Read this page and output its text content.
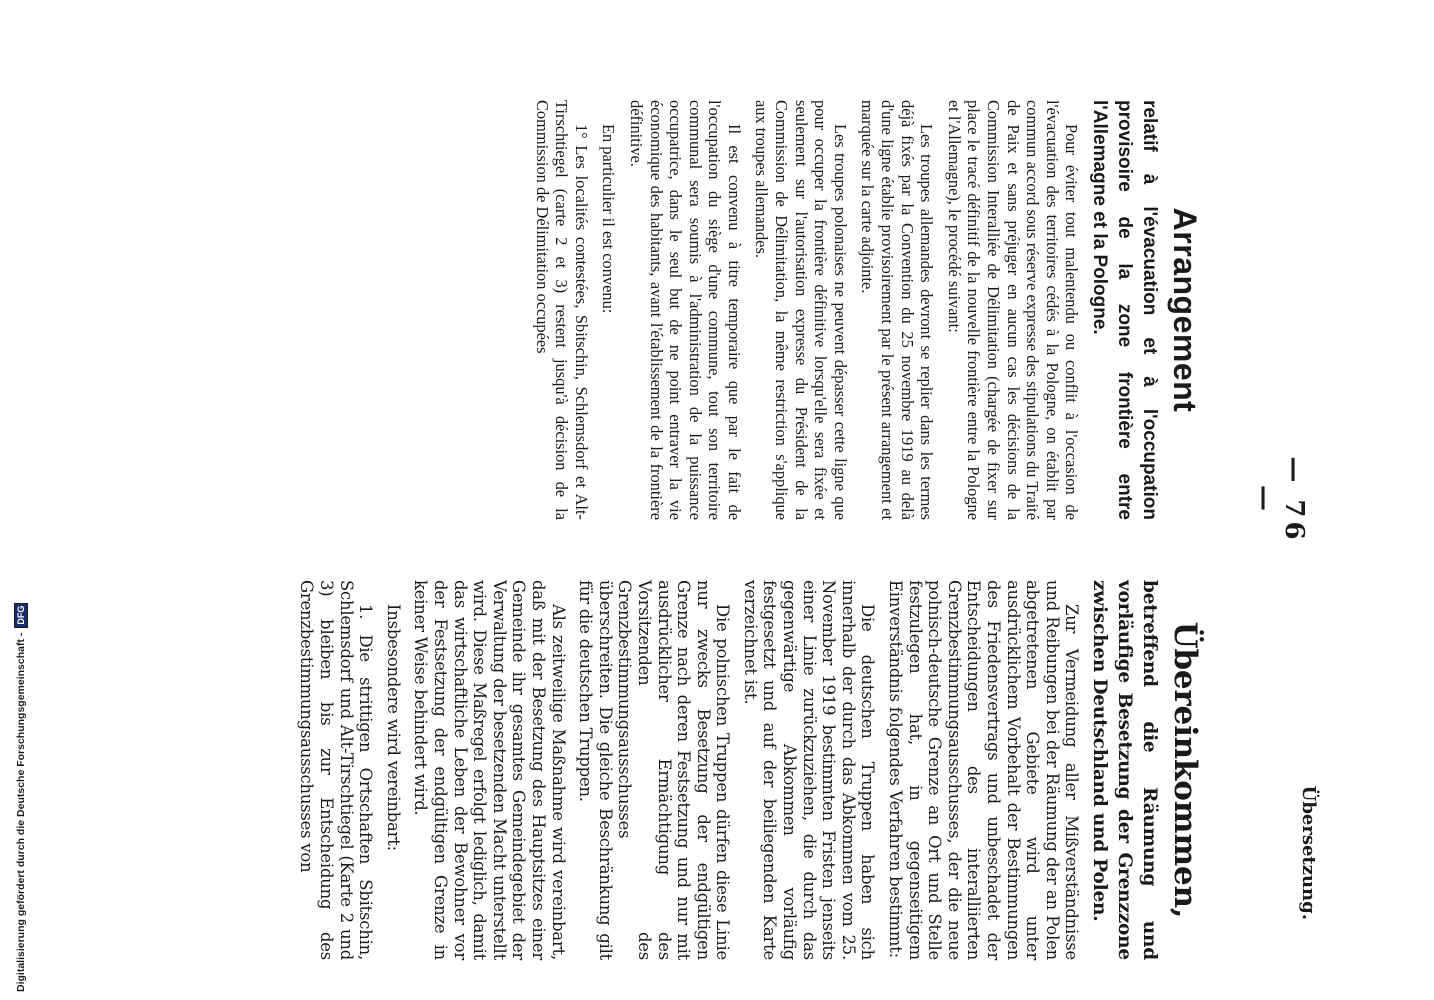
— 76 —
Übersetzung.
Arrangement
relatif à l'évacuation et à l'occupation provisoire de la zone frontière entre l'Allemagne et la Pologne.

Pour éviter tout malentendu ou conflit à l'occasion de l'évacuation des territoires cédés à la Pologne, on établit par commun accord sous réserve expresse des stipulations du Traité de Paix et sans préjuger en aucun cas les décisions de la Commission Interalliée de Délimitation (chargée de fixer sur place le tracé définitif de la nouvelle frontière entre la Pologne et l'Allemagne), le procédé suivant:

Les troupes allemandes devront se replier dans les termes déjà fixés par la Convention du 25 novembre 1919 au delà d'une ligne établie provisoirement par le présent arrangement et marquée sur la carte adjointe.

Les troupes polonaises ne peuvent dépasser cette ligne que pour occuper la frontière définitive lorsqu'elle sera fixée et seulement sur l'autorisation expresse du Président de la Commission de Délimitation, la même restriction s'applique aux troupes allemandes.

Il est convenu à titre temporaire que par le fait de l'occupation du siège d'une commune, tout son territoire communal sera soumis à l'administration de la puissance occupatrice, dans le seul but de ne point entraver la vie économique des habitants, avant l'établissement de la frontière définitive.

En particulier il est convenu:

1° Les localités contestées, Sbitschin, Schlemsdorf et Alt-Tirschtiegel (carte 2 et 3) restent jusqu'à décision de la Commission de Délimitation occupées

Übereinkommen,
betreffend die Räumung und vorläufige Besetzung der Grenzzone zwischen Deutschland und Polen.

Zur Vermeidung aller Mißverständnisse und Reibungen bei der Räumung der an Polen abgetretenen Gebiete wird unter ausdrücklichem Vorbehalt der Bestimmungen des Friedensvertrags und unbeschadet der Entscheidungen des interalliierten Grenzbestimmungsausschusses, der die neue polnisch-deutsche Grenze an Ort und Stelle festzulegen hat, in gegenseitigem Einverständnis folgendes Verfahren bestimmt:

Die deutschen Truppen haben sich innerhalb der durch das Abkommen vom 25. November 1919 bestimmten Fristen jenseits einer Linie zurückzuziehen, die durch das gegenwärtige Abkommen vorläufig festgesetzt und auf der beiliegenden Karte verzeichnet ist.

Die polnischen Truppen dürfen diese Linie nur zwecks Besetzung der endgültigen Grenze nach deren Festsetzung und nur mit ausdrücklicher Ermächtigung des Vorsitzenden des Grenzbestimmungsausschusses überschreiten. Die gleiche Beschränkung gilt für die deutschen Truppen.

Als zeitweilige Maßnahme wird vereinbart, daß mit der Besetzung des Hauptsitzes einer Gemeinde ihr gesamtes Gemeindegebiet der Verwaltung der besetzenden Macht unterstellt wird. Diese Maßregel erfolgt lediglich, damit das wirtschaftliche Leben der Bewohner vor der Festsetzung der endgültigen Grenze in keiner Weise behindert wird.

Insbesondere wird vereinbart:

1. Die strittigen Ortschaften Sbitschin, Schlemsdorf und Alt-Tirschtiegel (Karte 2 und 3) bleiben bis zur Entscheidung des Grenzbestimmungsausschusses von

Digitalisierung gefördert durch die Deutsche Forschungsgemeinschaft -
DFG
